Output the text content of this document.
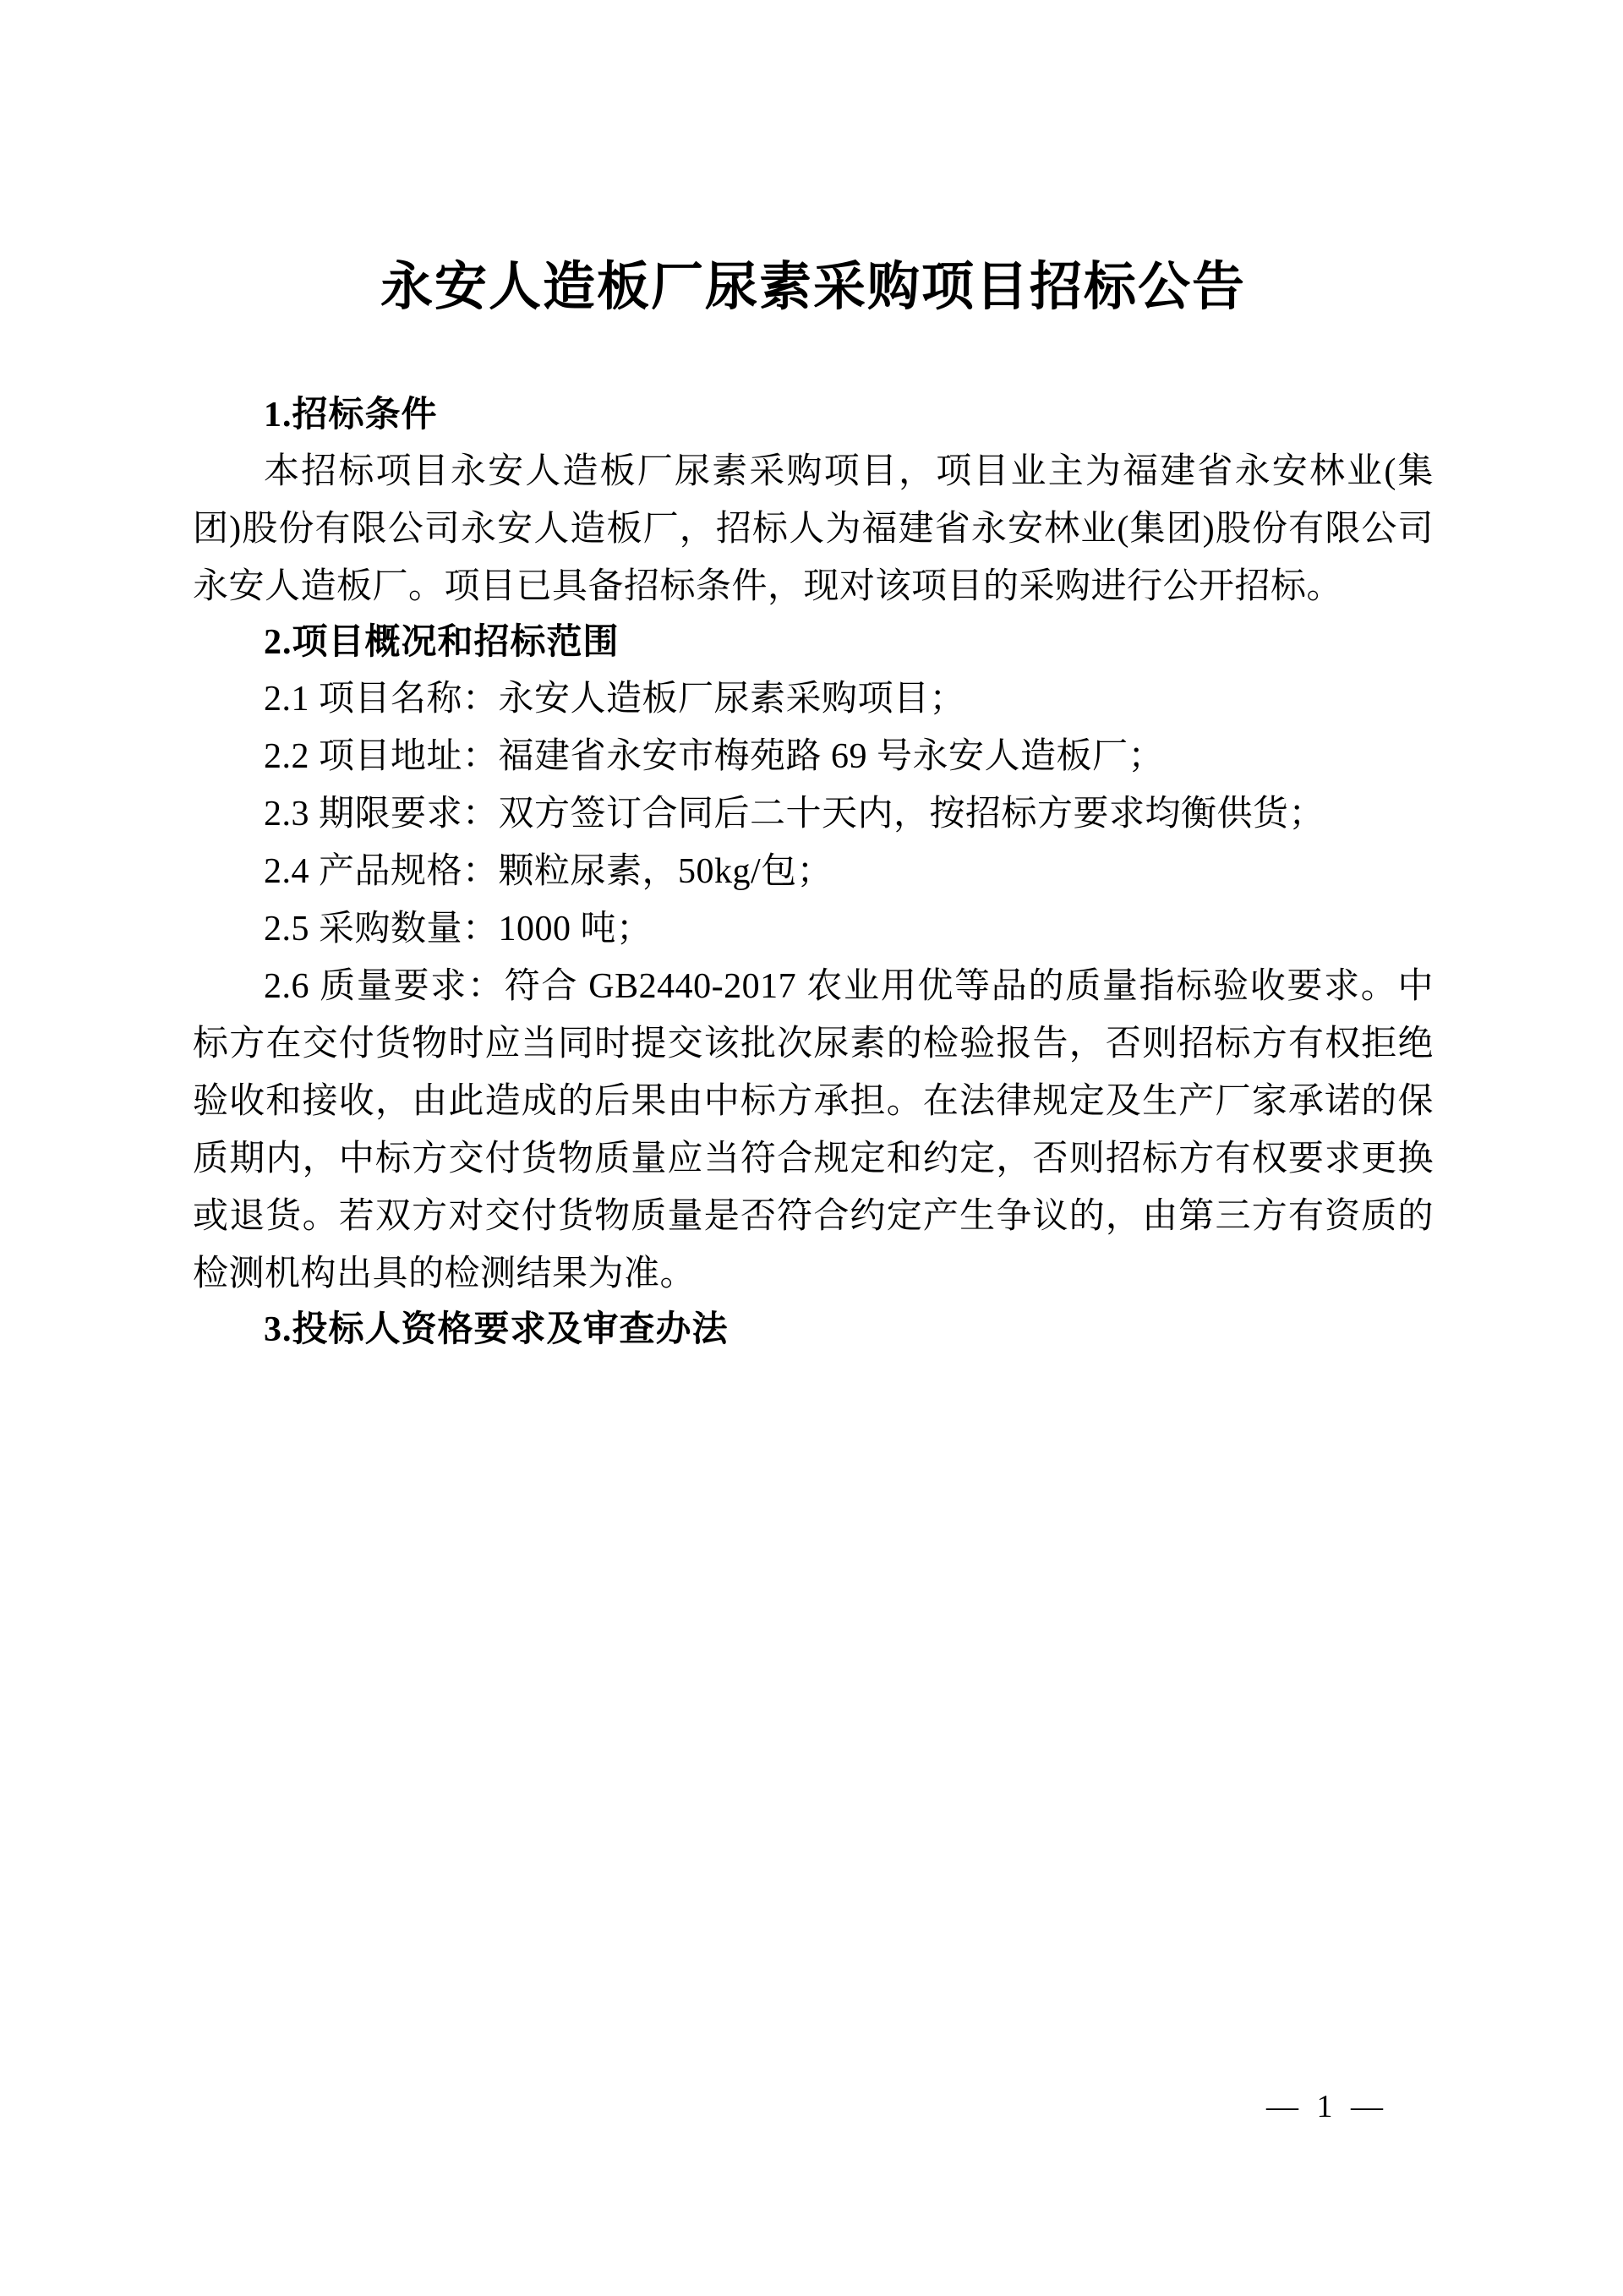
永安人造板厂尿素采购项目招标公告
1.招标条件

本招标项目永安人造板厂尿素采购项目，项目业主为福建省永安林业(集团)股份有限公司永安人造板厂，招标人为福建省永安林业(集团)股份有限公司永安人造板厂。项目已具备招标条件，现对该项目的采购进行公开招标。

2.项目概况和招标范围

2.1 项目名称：永安人造板厂尿素采购项目；

2.2 项目地址：福建省永安市梅苑路 69 号永安人造板厂；

2.3 期限要求：双方签订合同后二十天内，按招标方要求均衡供货；

2.4 产品规格：颗粒尿素，50kg/包；

2.5 采购数量：1000 吨；

2.6 质量要求：符合 GB2440-2017 农业用优等品的质量指标验收要求。中标方在交付货物时应当同时提交该批次尿素的检验报告，否则招标方有权拒绝验收和接收，由此造成的后果由中标方承担。在法律规定及生产厂家承诺的保质期内，中标方交付货物质量应当符合规定和约定，否则招标方有权要求更换或退货。若双方对交付货物质量是否符合约定产生争议的，由第三方有资质的检测机构出具的检测结果为准。

3.投标人资格要求及审查办法
— 1 —
